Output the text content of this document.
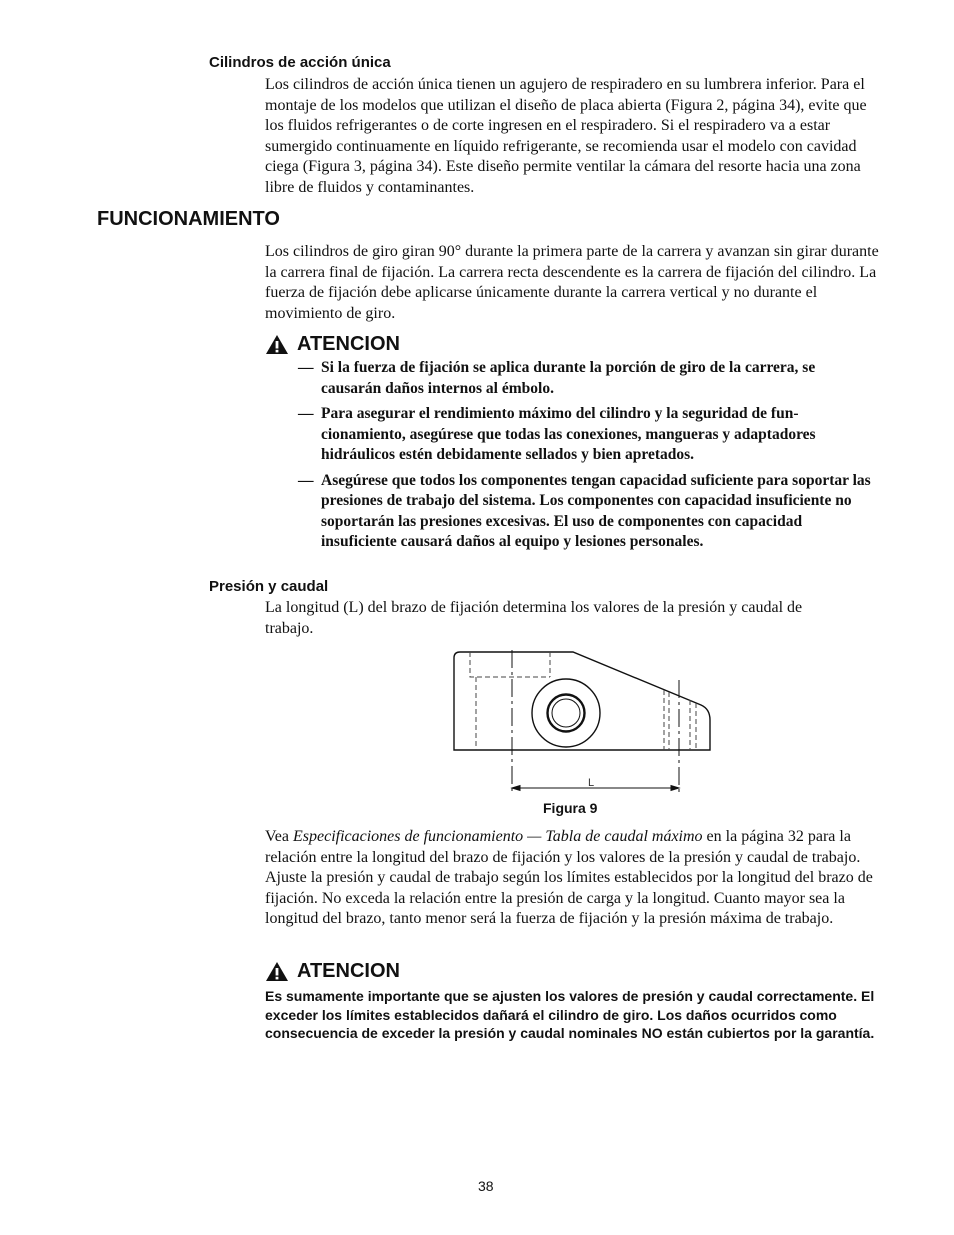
Cilindros de acción única
Los cilindros de acción única tienen un agujero de respiradero en su lumbrera inferior. Para el montaje de los modelos que utilizan el diseño de placa abierta (Figura 2, página 34), evite que los fluidos refrigerantes o de corte ingresen en el respiradero. Si el respiradero va a estar sumergido continuamente en líquido refrigerante, se recomienda usar el modelo con cavidad ciega (Figura 3, página 34). Este diseño permite ventilar la cámara del resorte hacia una zona libre de fluidos y contaminantes.
FUNCIONAMIENTO
Los cilindros de giro giran 90° durante la primera parte de la carrera y avanzan sin girar durante la carrera final de fijación. La carrera recta descendente es la carrera de fijación del cilindro. La fuerza de fijación debe aplicarse únicamente durante la carrera vertical y no durante el movimiento de giro.
ATENCION
— Si la fuerza de fijación se aplica durante la porción de giro de la carrera, se causarán daños internos al émbolo.
— Para asegurar el rendimiento máximo del cilindro y la seguridad de funcionamiento, asegúrese que todas las conexiones, mangueras y adaptadores hidráulicos estén debidamente sellados y bien apretados.
— Asegúrese que todos los componentes tengan capacidad suficiente para soportar las presiones de trabajo del sistema. Los componentes con capacidad insuficiente no soportarán las presiones excesivas. El uso de componentes con capacidad insuficiente causará daños al equipo y lesiones personales.
Presión y caudal
La longitud (L) del brazo de fijación determina los valores de la presión y caudal de trabajo.
L
Figura 9
Vea Especificaciones de funcionamiento — Tabla de caudal máximo en la página 32 para la relación entre la longitud del brazo de fijación y los valores de la presión y caudal de trabajo. Ajuste la presión y caudal de trabajo según los límites establecidos por la longitud del brazo de fijación. No exceda la relación entre la presión de carga y la longitud. Cuanto mayor sea la longitud del brazo, tanto menor será la fuerza de fijación y la presión máxima de trabajo.
ATENCION
Es sumamente importante que se ajusten los valores de presión y caudal correctamente. El exceder los límites establecidos dañará el cilindro de giro. Los daños ocurridos como consecuencia de exceder la presión y caudal nominales NO están cubiertos por la garantía.
38
